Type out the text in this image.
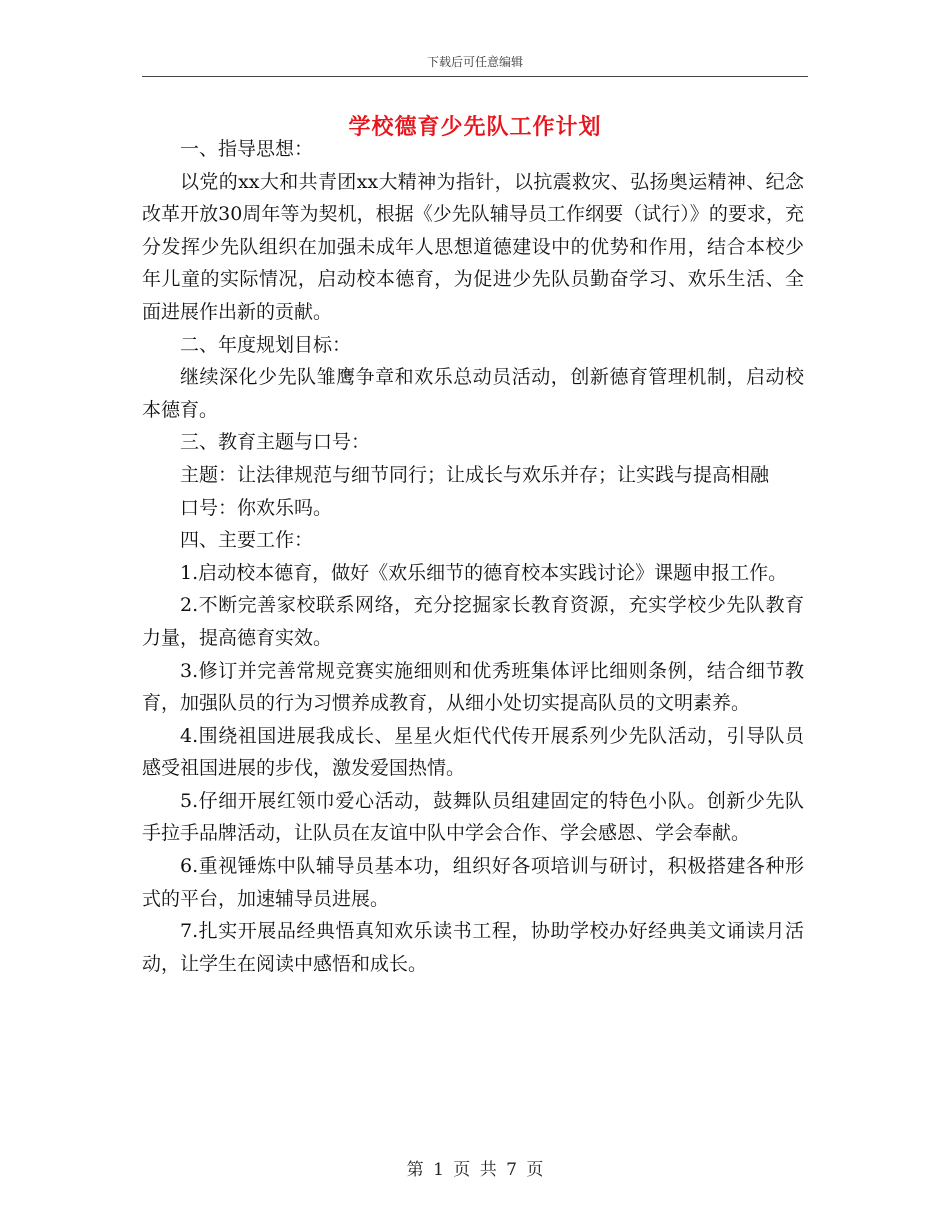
下载后可任意编辑
学校德育少先队工作计划

一、指导思想：

以党的xx大和共青团xx大精神为指针，以抗震救灾、弘扬奥运精神、纪念改革开放30周年等为契机，根据《少先队辅导员工作纲要（试行）》的要求，充分发挥少先队组织在加强未成年人思想道德建设中的优势和作用，结合本校少年儿童的实际情况，启动校本德育，为促进少先队员勤奋学习、欢乐生活、全面进展作出新的贡献。

二、年度规划目标：

继续深化少先队雏鹰争章和欢乐总动员活动，创新德育管理机制，启动校本德育。

三、教育主题与口号：

主题：让法律规范与细节同行；让成长与欢乐并存；让实践与提高相融

口号：你欢乐吗。

四、主要工作：

1.启动校本德育，做好《欢乐细节的德育校本实践讨论》课题申报工作。

2.不断完善家校联系网络，充分挖掘家长教育资源，充实学校少先队教育力量，提高德育实效。

3.修订并完善常规竞赛实施细则和优秀班集体评比细则条例，结合细节教育，加强队员的行为习惯养成教育，从细小处切实提高队员的文明素养。

4.围绕祖国进展我成长、星星火炬代代传开展系列少先队活动，引导队员感受祖国进展的步伐，激发爱国热情。

5.仔细开展红领巾爱心活动，鼓舞队员组建固定的特色小队。创新少先队手拉手品牌活动，让队员在友谊中队中学会合作、学会感恩、学会奉献。

6.重视锤炼中队辅导员基本功，组织好各项培训与研讨，积极搭建各种形式的平台，加速辅导员进展。

7.扎实开展品经典悟真知欢乐读书工程，协助学校办好经典美文诵读月活动，让学生在阅读中感悟和成长。

第 1 页 共 7 页
